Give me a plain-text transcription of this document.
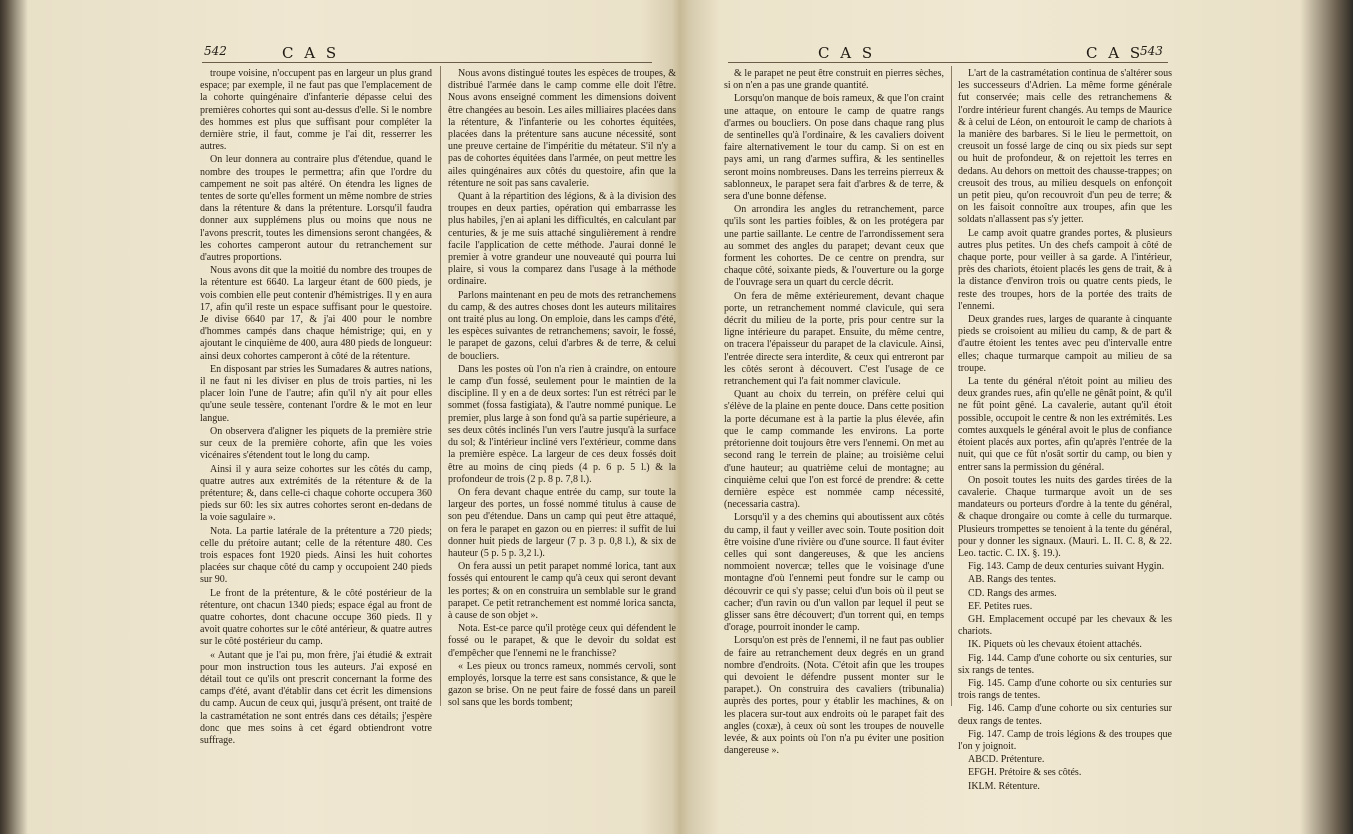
542	C A S

troupe voisine, n'occupent pas en largeur un plus grand espace; par exemple, il ne faut pas que l'emplacement de la cohorte quingénaire d'infanterie dépasse celui des premières cohortes qui sont au-dessus d'elle. Si le nombre des hommes est plus que suffisant pour compléter la dernière strie, il faut, comme je l'ai dit, resserrer les autres.

On leur donnera au contraire plus d'étendue, quand le nombre des troupes le permettra; afin que l'ordre du campement ne soit pas altéré. On étendra les lignes de tentes de sorte qu'elles forment un même nombre de stries dans la rétenture & dans la prétenture. Lorsqu'il faudra donner aux supplémens plus ou moins que nous ne l'avons prescrit, toutes les dimensions seront changées, & les cohortes camperont autour du retranchement sur d'autres proportions.

Nous avons dit que la moitié du nombre des troupes de la rétenture est 6640. La largeur étant de 600 pieds, je vois combien elle peut contenir d'hémistriges. Il y en aura 17, afin qu'il reste un espace suffisant pour le questoire. Je divise 6640 par 17, & j'ai 400 pour le nombre d'hommes campés dans chaque hémistrige; qui, en y ajoutant le cinquième de 400, aura 480 pieds de longueur: ainsi deux cohortes camperont à côté de la rétenture.

En disposant par stries les Sumadares & autres nations, il ne faut ni les diviser en plus de trois parties, ni les placer loin l'une de l'autre; afin qu'il n'y ait pour elles qu'une seule tessère, contenant l'ordre & le mot en leur langue.

On observera d'aligner les piquets de la première strie sur ceux de la première cohorte, afin que les voies vicénaires s'étendent tout le long du camp.

Ainsi il y aura seize cohortes sur les côtés du camp, quatre autres aux extrémités de la rétenture & de la prétenture; &, dans celle-ci chaque cohorte occupera 360 pieds sur 60: les six autres cohortes seront en-dedans de la voie sagulaire ».

Nota. La partie latérale de la prétenture a 720 pieds; celle du prétoire autant; celle de la rétenture 480. Ces trois espaces font 1920 pieds. Ainsi les huit cohortes placées sur chaque côté du camp y occupoient 240 pieds sur 90.

Le front de la prétenture, & le côté postérieur de la rétenture, ont chacun 1340 pieds; espace égal au front de quatre cohortes, dont chacune occupe 360 pieds. Il y avoit quatre cohortes sur le côté antérieur, & quatre autres sur le côté postérieur du camp.

« Autant que je l'ai pu, mon frère, j'ai étudié & extrait pour mon instruction tous les auteurs. J'ai exposé en détail tout ce qu'ils ont prescrit concernant la forme des camps d'été, avant d'établir dans cet écrit les dimensions du camp. Aucun de ceux qui, jusqu'à présent, ont traité de la castramétation ne sont entrés dans ces détails; j'espère donc que mes soins à cet égard obtiendront votre suffrage.

Nous avons distingué toutes les espèces de troupes, & distribué l'armée dans le camp comme elle doit l'être. Nous avons enseigné comment les dimensions doivent être changées au besoin. Les ailes milliaires placées dans la rétenture, & l'infanterie ou les cohortes équitées, placées dans la prétenture sans aucune nécessité, sont une preuve certaine de l'impéritie du métateur. S'il n'y a pas de cohortes équitées dans l'armée, on peut mettre les ailes quingénaires aux côtés du questoire, afin que la rétenture ne soit pas sans cavalerie.

Quant à la répartition des légions, & à la division des troupes en deux parties, opération qui embarrasse les plus habiles, j'en ai aplani les difficultés, en calculant par centuries, & je me suis attaché singulièrement à rendre facile l'application de cette méthode. J'aurai donné le premier à votre grandeur une nouveauté qui pourra lui plaire, si vous la comparez dans l'usage à la méthode ordinaire.

Parlons maintenant en peu de mots des retranchemens du camp, & des autres choses dont les auteurs militaires ont traité plus au long. On emploie, dans les camps d'été, les espèces suivantes de retranchemens; savoir, le fossé, le parapet de gazons, celui d'arbres & de terre, & celui de boucliers.

Dans les postes où l'on n'a rien à craindre, on entoure le camp d'un fossé, seulement pour le maintien de la discipline. Il y en a de deux sortes: l'un est rétréci par le sommet (fossa fastigiata), & l'autre nommé punique. Le premier, plus large à son fond qu'à sa partie supérieure, a ses deux côtés inclinés l'un vers l'autre jusqu'à la surface du sol; & l'intérieur incliné vers l'extérieur, comme dans la première espèce. La largeur de ces deux fossés doit être au moins de cinq pieds (4 p. 6 p. 5 l.) & la profondeur de trois (2 p. 8 p. 7,8 l.).

On fera devant chaque entrée du camp, sur toute la largeur des portes, un fossé nommé titulus à cause de son peu d'étendue. Dans un camp qui peut être attaqué, on fera le parapet en gazon ou en pierres: il suffit de lui donner huit pieds de largeur (7 p. 3 p. 0,8 l.), & six de hauteur (5 p. 5 p. 3,2 l.).

On fera aussi un petit parapet nommé lorica, tant aux fossés qui entourent le camp qu'à ceux qui seront devant les portes; & on en construira un semblable sur le grand parapet. Ce petit retranchement est nommé lorica sancta, à cause de son objet ».

Nota. Est-ce parce qu'il protège ceux qui défendent le fossé ou le parapet, & que le devoir du soldat est d'empêcher que l'ennemi ne le franchisse?

« Les pieux ou troncs rameux, nommés cervoli, sont employés, lorsque la terre est sans consistance, & que le gazon se brise. On ne peut faire de fossé dans un pareil sol sans que les bords tombent;

C A S	C A S
543

& le parapet ne peut être construit en pierres sèches, si on n'en a pas une grande quantité.

Lorsqu'on manque de bois rameux, & que l'on craint une attaque, on entoure le camp de quatre rangs d'armes ou boucliers. On pose dans chaque rang plus de sentinelles qu'à l'ordinaire, & les cavaliers doivent faire alternativement le tour du camp. Si on est en pays ami, un rang d'armes suffira, & les sentinelles seront moins nombreuses. Dans les terreins pierreux & sablonneux, le parapet sera fait d'arbres & de terre, & sera d'une bonne défense.

On arrondira les angles du retranchement, parce qu'ils sont les parties foibles, & on les protégera par une partie saillante. Le centre de l'arrondissement sera au sommet des angles du parapet; devant ceux que forment les cohortes. De ce centre on prendra, sur chaque côté, soixante pieds, & l'ouverture ou la gorge de l'ouvrage sera un quart du cercle décrit.

On fera de même extérieurement, devant chaque porte, un retranchement nommé clavicule, qui sera décrit du milieu de la porte, pris pour centre sur la ligne intérieure du parapet. Ensuite, du même centre, on tracera l'épaisseur du parapet de la clavicule. Ainsi, l'entrée directe sera interdite, & ceux qui entreront par les côtés seront à découvert. C'est l'usage de ce retranchement qui l'a fait nommer clavicule.

Quant au choix du terrein, on préfère celui qui s'élève de la plaine en pente douce. Dans cette position la porte décumane est à la partie la plus élevée, afin que le camp commande les environs. La porte prétorienne doit toujours être vers l'ennemi. On met au second rang le terrein de plaine; au troisième celui d'une hauteur; au quatrième celui de montagne; au cinquième celui que l'on est forcé de prendre: & cette dernière espèce est nommée camp nécessité, (necessaria castra).

Lorsqu'il y a des chemins qui aboutissent aux côtés du camp, il faut y veiller avec soin. Toute position doit être voisine d'une rivière ou d'une source. Il faut éviter celles qui sont dangereuses, & que les anciens nommoient novercæ; telles que le voisinage d'une montagne d'où l'ennemi peut fondre sur le camp ou découvrir ce qui s'y passe; celui d'un bois où il peut se cacher; d'un ravin ou d'un vallon par lequel il peut se glisser sans être découvert; d'un torrent qui, en temps d'orage, pourroit inonder le camp.

Lorsqu'on est près de l'ennemi, il ne faut pas oublier de faire au retranchement deux degrés en un grand nombre d'endroits. (Nota. C'étoit afin que les troupes qui devoient le défendre pussent monter sur le parapet.). On construira des cavaliers (tribunalia) auprès des portes, pour y établir les machines, & on les placera sur-tout aux endroits où le parapet fait des angles (coxæ), à ceux où sont les troupes de nouvelle levée, & aux points où l'on n'a pu éviter une position dangereuse ».

L'art de la castramétation continua de s'altérer sous les successeurs d'Adrien. La même forme générale fut conservée; mais celle des retranchemens & l'ordre intérieur furent changés. Au temps de Maurice & à celui de Léon, on entouroit le camp de chariots à la manière des barbares. Si le lieu le permettoit, on creusoit un fossé large de cinq ou six pieds sur sept ou huit de profondeur, & on rejettoit les terres en dedans. Au dehors on mettoit des chausse-trappes; on creusoit des trous, au milieu desquels on enfonçoit un petit pieu, qu'on recouvroit d'un peu de terre; & on les faisoit connoître aux troupes, afin que les soldats n'allassent pas s'y jetter.

Le camp avoit quatre grandes portes, & plusieurs autres plus petites. Un des chefs campoit à côté de chaque porte, pour veiller à sa garde. A l'intérieur, près des chariots, étoient placés les gens de trait, & à la distance d'environ trois ou quatre cents pieds, le reste des troupes, hors de la portée des traits de l'ennemi.

Deux grandes rues, larges de quarante à cinquante pieds se croisoient au milieu du camp, & de part & d'autre étoient les tentes avec peu d'intervalle entre elles; chaque turmarque campoit au milieu de sa troupe.

La tente du général n'étoit point au milieu des deux grandes rues, afin qu'elle ne gênât point, & qu'il ne fût point gêné. La cavalerie, autant qu'il étoit possible, occupoit le centre & non les extrémités. Les comtes auxquels le général avoit le plus de confiance étoient placés aux portes, afin qu'après l'entrée de la nuit, qui que ce fût n'osât sortir du camp, ou bien y entrer sans la permission du général.

On posoit toutes les nuits des gardes tirées de la cavalerie. Chaque turmarque avoit un de ses mandateurs ou porteurs d'ordre à la tente du général, & chaque drongaire ou comte à celle du turmarque. Plusieurs trompettes se tenoient à la tente du général, pour y donner les signaux. (Mauri. L. II. C. 8, & 22. Leo. tactic. C. IX. §. 19.).

Fig. 143. Camp de deux centuries suivant Hygin.

AB. Rangs des tentes.

CD. Rangs des armes.

EF. Petites rues.

GH. Emplacement occupé par les chevaux & les chariots.

IK. Piquets où les chevaux étoient attachés.

Fig. 144. Camp d'une cohorte ou six centuries, sur six rangs de tentes.

Fig. 145. Camp d'une cohorte ou six centuries sur trois rangs de tentes.

Fig. 146. Camp d'une cohorte ou six centuries sur deux rangs de tentes.

Fig. 147. Camp de trois légions & des troupes que l'on y joignoit.

ABCD. Prétenture.

EFGH. Prétoire & ses côtés.

IKLM. Rétenture.
